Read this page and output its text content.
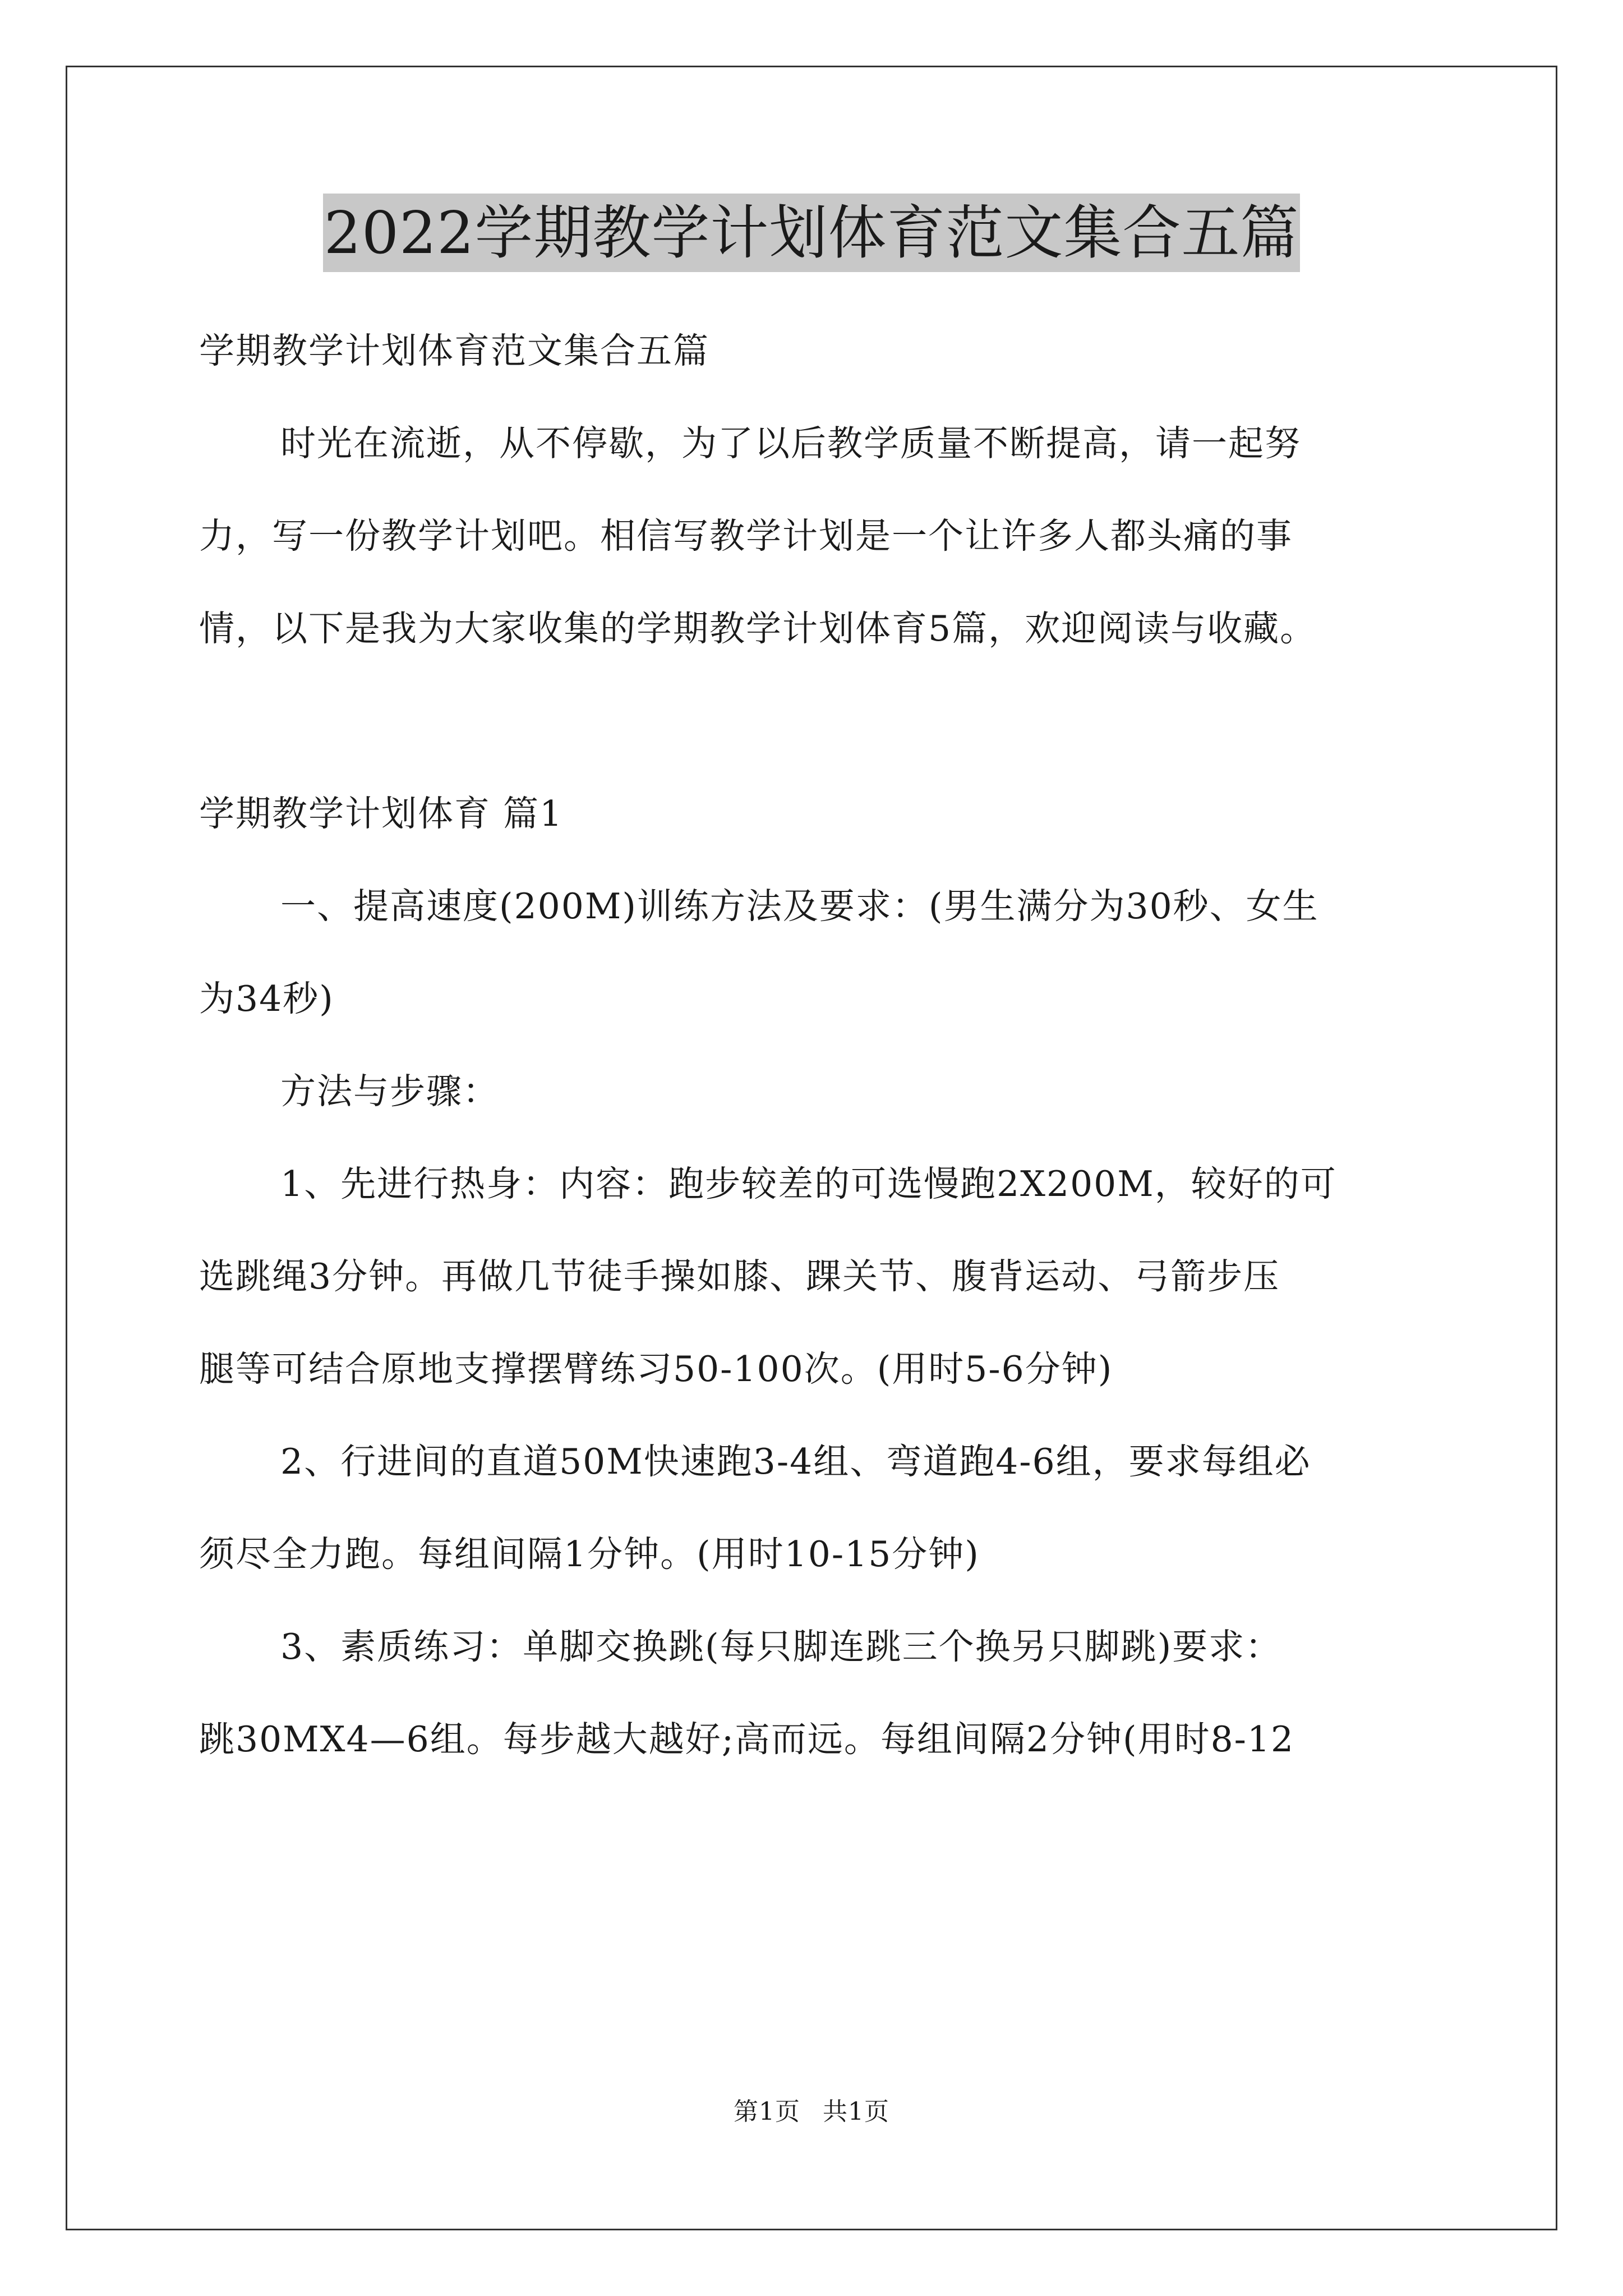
2022学期教学计划体育范文集合五篇
学期教学计划体育范文集合五篇
时光在流逝，从不停歇，为了以后教学质量不断提高，请一起努
力，写一份教学计划吧。相信写教学计划是一个让许多人都头痛的事
情，以下是我为大家收集的学期教学计划体育5篇，欢迎阅读与收藏。
学期教学计划体育 篇1
一、提高速度(200M)训练方法及要求：(男生满分为30秒、女生
为34秒)
方法与步骤：
1、先进行热身：内容：跑步较差的可选慢跑2X200M，较好的可
选跳绳3分钟。再做几节徒手操如膝、踝关节、腹背运动、弓箭步压
腿等可结合原地支撑摆臂练习50-100次。(用时5-6分钟)
2、行进间的直道50M快速跑3-4组、弯道跑4-6组，要求每组必
须尽全力跑。每组间隔1分钟。(用时10-15分钟)
3、素质练习：单脚交换跳(每只脚连跳三个换另只脚跳)要求：
跳30MX4—6组。每步越大越好;高而远。每组间隔2分钟(用时8-12
第1页 共1页
